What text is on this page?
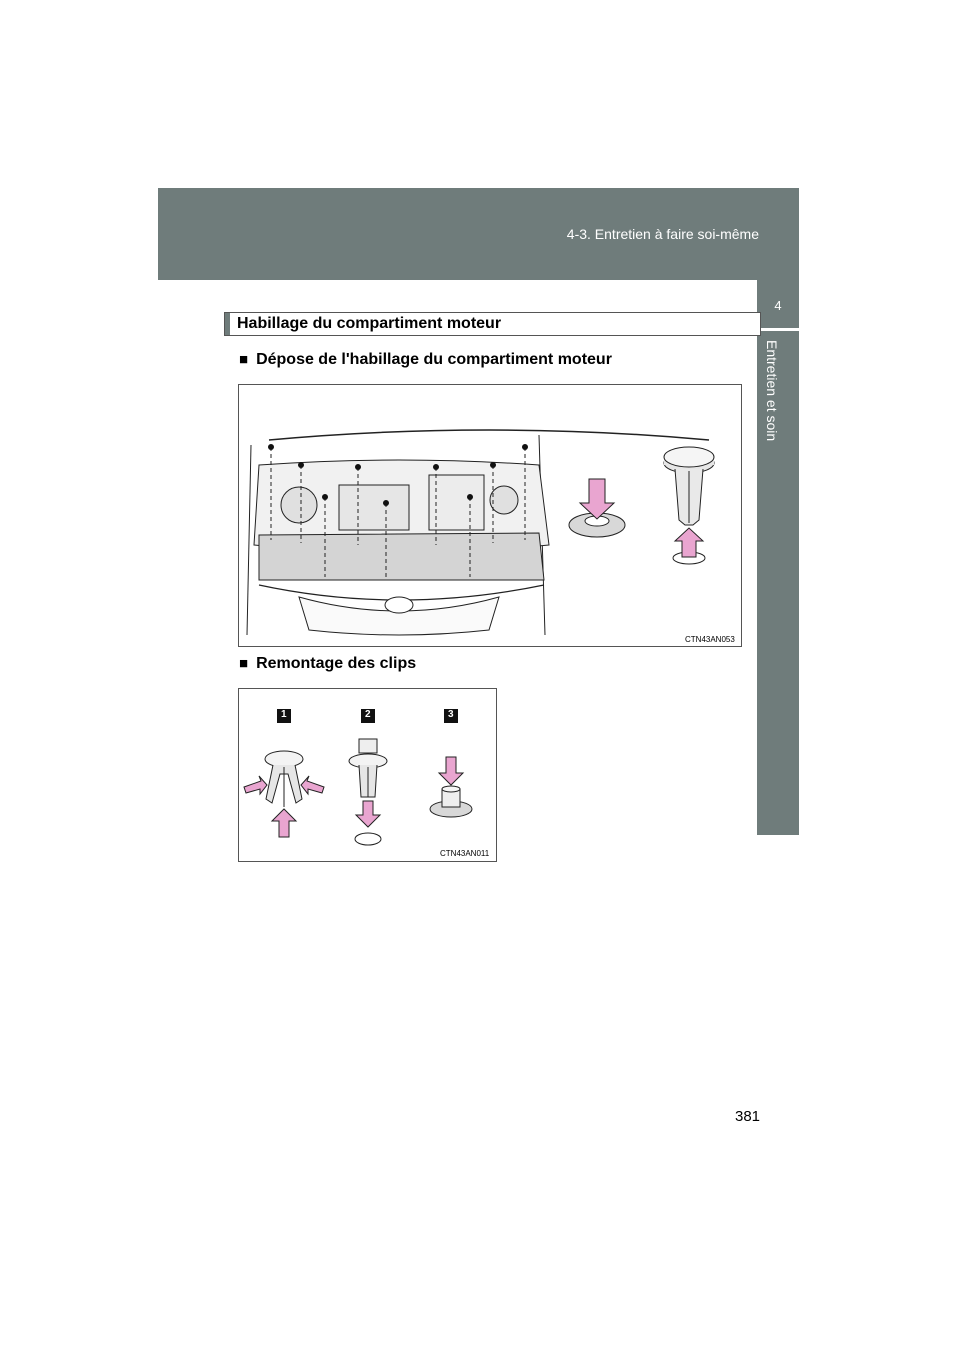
4-3. Entretien à faire soi-même
4
Entretien et soin
Habillage du compartiment moteur
■ Dépose de l'habillage du compartiment moteur
CTN43AN053
■ Remontage des clips
1	2	3
CTN43AN011
381
